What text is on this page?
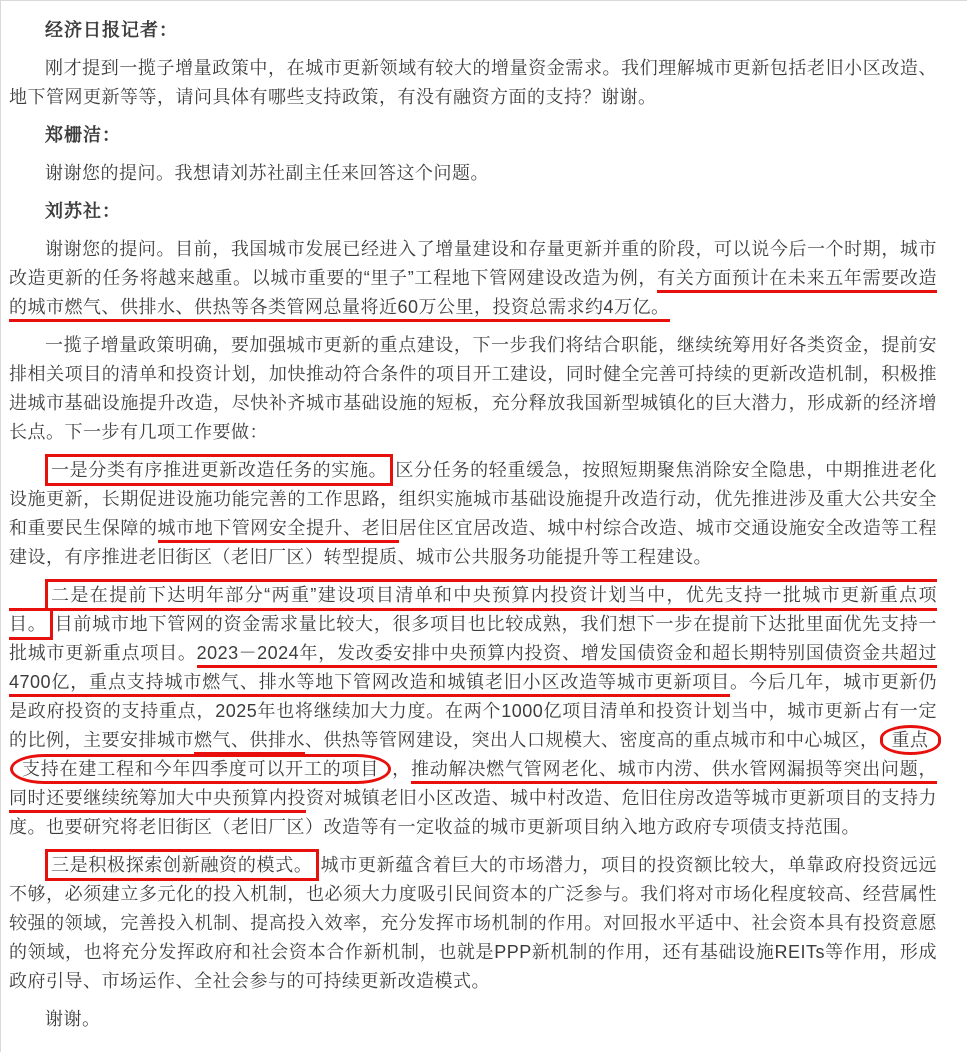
经济日报记者：

刚才提到一揽子增量政策中，在城市更新领域有较大的增量资金需求。我们理解城市更新包括老旧小区改造、地下管网更新等等，请问具体有哪些支持政策，有没有融资方面的支持？谢谢。

郑栅洁：

谢谢您的提问。我想请刘苏社副主任来回答这个问题。

刘苏社：

谢谢您的提问。目前，我国城市发展已经进入了增量建设和存量更新并重的阶段，可以说今后一个时期，城市改造更新的任务将越来越重。以城市重要的“里子”工程地下管网建设改造为例，有关方面预计在未来五年需要改造的城市燃气、供排水、供热等各类管网总量将近60万公里，投资总需求约4万亿。

一揽子增量政策明确，要加强城市更新的重点建设，下一步我们将结合职能，继续统筹用好各类资金，提前安排相关项目的清单和投资计划，加快推动符合条件的项目开工建设，同时健全完善可持续的更新改造机制，积极推进城市基础设施提升改造，尽快补齐城市基础设施的短板，充分释放我国新型城镇化的巨大潜力，形成新的经济增长点。下一步有几项工作要做：

一是分类有序推进更新改造任务的实施。 区分任务的轻重缓急，按照短期聚焦消除安全隐患，中期推进老化设施更新，长期促进设施功能完善的工作思路，组织实施城市基础设施提升改造行动，优先推进涉及重大公共安全和重要民生保障的城市地下管网安全提升、老旧居住区宜居改造、城中村综合改造、城市交通设施安全改造等工程建设，有序推进老旧街区（老旧厂区）转型提质、城市公共服务功能提升等工程建设。

二是在提前下达明年部分“两重”建设项目清单和中央预算内投资计划当中，优先支持一批城市更新重点项目。 目前城市地下管网的资金需求量比较大，很多项目也比较成熟，我们想下一步在提前下达批里面优先支持一批城市更新重点项目。2023－2024年，发改委安排中央预算内投资、增发国债资金和超长期特别国债资金共超过4700亿，重点支持城市燃气、排水等地下管网改造和城镇老旧小区改造等城市更新项目。今后几年，城市更新仍是政府投资的支持重点，2025年也将继续加大力度。在两个1000亿项目清单和投资计划当中，城市更新占有一定的比例，主要安排城市燃气、供排水、供热等管网建设，突出人口规模大、密度高的重点城市和中心城区， 重点支持在建工程和今年四季度可以开工的项目 ，推动解决燃气管网老化、城市内涝、供水管网漏损等突出问题，同时还要继续统筹加大中央预算内投资对城镇老旧小区改造、城中村改造、危旧住房改造等城市更新项目的支持力度。也要研究将老旧街区（老旧厂区）改造等有一定收益的城市更新项目纳入地方政府专项债支持范围。

三是积极探索创新融资的模式。 城市更新蕴含着巨大的市场潜力，项目的投资额比较大，单靠政府投资远远不够，必须建立多元化的投入机制，也必须大力度吸引民间资本的广泛参与。我们将对市场化程度较高、经营属性较强的领域，完善投入机制、提高投入效率，充分发挥市场机制的作用。对回报水平适中、社会资本具有投资意愿的领域，也将充分发挥政府和社会资本合作新机制，也就是PPP新机制的作用，还有基础设施REITs等作用，形成政府引导、市场运作、全社会参与的可持续更新改造模式。

谢谢。
